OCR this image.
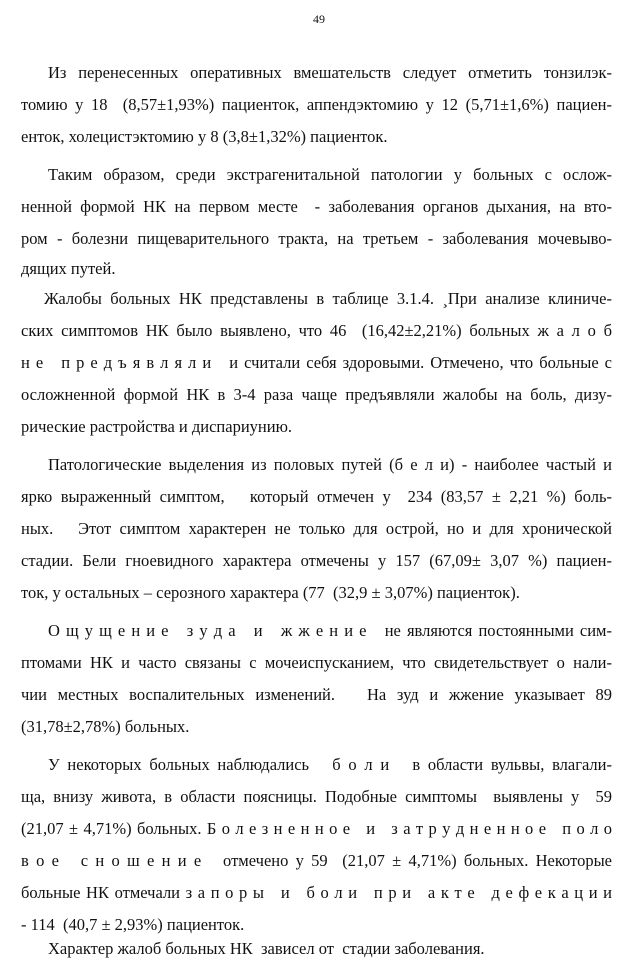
49
Из перенесенных оперативных вмешательств следует отметить тонзилэк-
томию у 18  (8,57±1,93%) пациенток, аппендэктомию у 12 (5,71±1,6%) пациен-
енток, холецистэктомию у 8 (3,8±1,32%) пациенток.
Таким образом, среди экстрагенитальной патологии у больных с ослож-
ненной формой НК на первом месте  - заболевания органов дыхания, на вто-
ром - болезни пищеварительного тракта, на третьем - заболевания мочевыво-
дящих путей.
Жалобы больных НК представлены в таблице 3.1.4. ¸При анализе клиниче-
ских симптомов НК было выявлено, что 46  (16,42±2,21%) больных ж а л о б
н е   п р е д ъ я в л я л и   и считали себя здоровыми. Отмечено, что больные с
осложненной формой НК в 3-4 раза чаще предъявляли жалобы на боль, дизу-
рические растройства и диспариунию.
Патологические выделения из половых путей (б е л и) - наиболее частый и
ярко выраженный симптом,   который отмечен у  234 (83,57 ± 2,21 %) боль-
ных.   Этот симптом характерен не только для острой, но и для хронической
стадии. Бели гноевидного характера отмечены у 157 (67,09± 3,07 %) пациен-
ток, у остальных – серозного характера (77  (32,9 ± 3,07%) пациенток).
О щ у щ е н и е   з у д а   и   ж ж е н и е   не являются постоянными сим-
птомами НК и часто связаны с мочеиспусканием, что свидетельствует о нали-
чии местных воспалительных изменений.   На зуд и жжение указывает 89
(31,78±2,78%) больных.
У некоторых больных наблюдались   б о л и   в области вульвы, влагали-
ща, внизу живота, в области поясницы. Подобные симптомы  выявлены у  59
(21,07 ± 4,71%) больных. Б о л е з н е н н о е   и   з а т р у д н е н н о е   п о л о
в о е   с н о ш е н и е   отмечено у 59  (21,07 ± 4,71%) больных. Некоторые
больные НК отмечали з а п о р ы   и   б о л и   п р и   а к т е   д е ф е к а ц и и
- 114  (40,7 ± 2,93%) пациенток.
Характер жалоб больных НК  зависел от  стадии заболевания.
